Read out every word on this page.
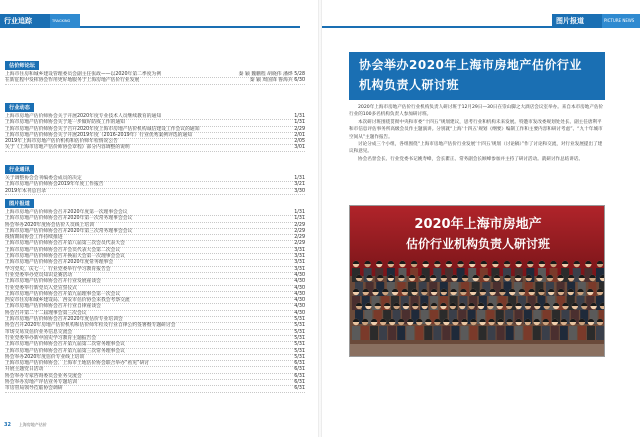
行业追踪	TRACKING
估价师论坛
上海市住房和城乡建设管理委员会副主任张政——以2020年第二季度为例	秦 颖 魏鹏程 胡晓伟 潘烨 5/28
在新征程中发挥协会作用更好地服务于上海房地产估价行业发展	秦 颖 周国锋 鲁海兵 6/30
行业动态
上海市房地产估价师协会关于开展2020年度专业技术人员继续教育的通知	1/31
上海市房地产估价师协会关于进一步做好防疫工作的通知	1/31
上海市房地产估价师协会关于召开2020年度上海市房地产估价机构诚信建设工作会议的通知	2/29
上海市房地产估价师协会关于开展2019年度（2016-2019年）行业优秀案例评选的通知	2/01
2019年上海市房地产估价机构和估价师年检情况公告	2/05
关于《上海市房地产估价师协会章程》部分内容调整的说明	3/01
行业通讯
关于调整协会会刊编委会成员的决定	1/31
上海市房地产估价师协会2019年年度工作报告	3/21
2019年本刊总目录	3/30
图片报道
上海市房地产估价师协会召开2020年度第一次理事会会议	1/31
上海市房地产估价师协会召开2020年第一次常务理事会会议	1/31
协会举办2020年度协会估价人员线上培训	2/29
上海市房地产估价师协会召开2020年第三次常务理事会会议	2/29
疫情期间协会工作持续推进	2/29
上海市房地产估价师协会召开第八届第三次会员代表大会	2/29
上海市房地产估价师协会召开会员代表大会第二次会议	3/31
上海市房地产估价师协会召开换届大会第一次理事会会议	3/31
上海市房地产估价师协会召开2020年度常务理事会	3/31
学习党史，庆七一，行业党委举行学习教育报告会	3/31
行业党委举办党员知识竞赛活动	4/30
上海市房地产估价师协会召开行业发展座谈会	4/30
行业党委举行新党员入党宣誓仪式	4/30
上海市房地产估价师协会召开第九届理事会第一次会议	4/30
西安市住房和城乡建设局、西安市估价协会来我会考察交流	4/30
上海市房地产估价师协会召开行业自律座谈会	4/30
协会召开第二十二届理事会第三次会议	4/30
上海市房地产估价师协会召开2020年度估价专业培训会	5/31
协会召开2020年房地产估价机构和估价师年检及行业自律公约签署暨专题研讨会	5/31
市场交易及估价业务信息交流会	5/31
行业党委举办新中国史学习教育主题报告会	5/31
上海市房地产估价师协会召开第九届第二次常务理事会议	5/31
上海市房地产估价师协会召开第九届第三次常务理事会议	5/31
协会举办2020年度估价专业线上培训	5/31
上海市房地产估价师协会、上海市土地估价协会联合举办“看见”研讨	6/31
开展主题党日活动	6/31
协会举办专家咨询委员会业务交流会	6/31
协会举办房地产评估业务专题培训	6/31
市房管局领导莅临协会调研	6/31
32 上海房地产估价
图片报道	PICTURE NEWS
协会举办2020年上海市房地产估价行业
机构负责人研讨班

2020年上海市房地产估价行业机构负责人研讨班于12月29日—30日在崇山脚之大酒店会议室举办。来自本市房地产估价行业的100多名机构负责人参加研讨班。

本次研讨班围绕贯彻中央和市委“十四五”规划建议，思考行业和机构未来发展。特邀市发改委规划处处长、副主任唐利平和市信息评估事务所高级会员作主题演讲。分别就“上海‘十四五’规划《纲要》编制工作和主要内容和研讨考虑”、“九十年城市空间从”主题作报告。

讨论分成三个小组，各组围绕“上海市房地产估价行业发展‘十四五’规划（讨论稿）”作了讨论和交流，对行业发展提出了建议和意见。

协会名誉会长、行业党委书记姚寿峰，会长瞿正、常务副会长顾峰参加并主持了研讨活动。就研讨作总结讲话。

2020年上海市房地产
估价行业机构负责人研讨班
